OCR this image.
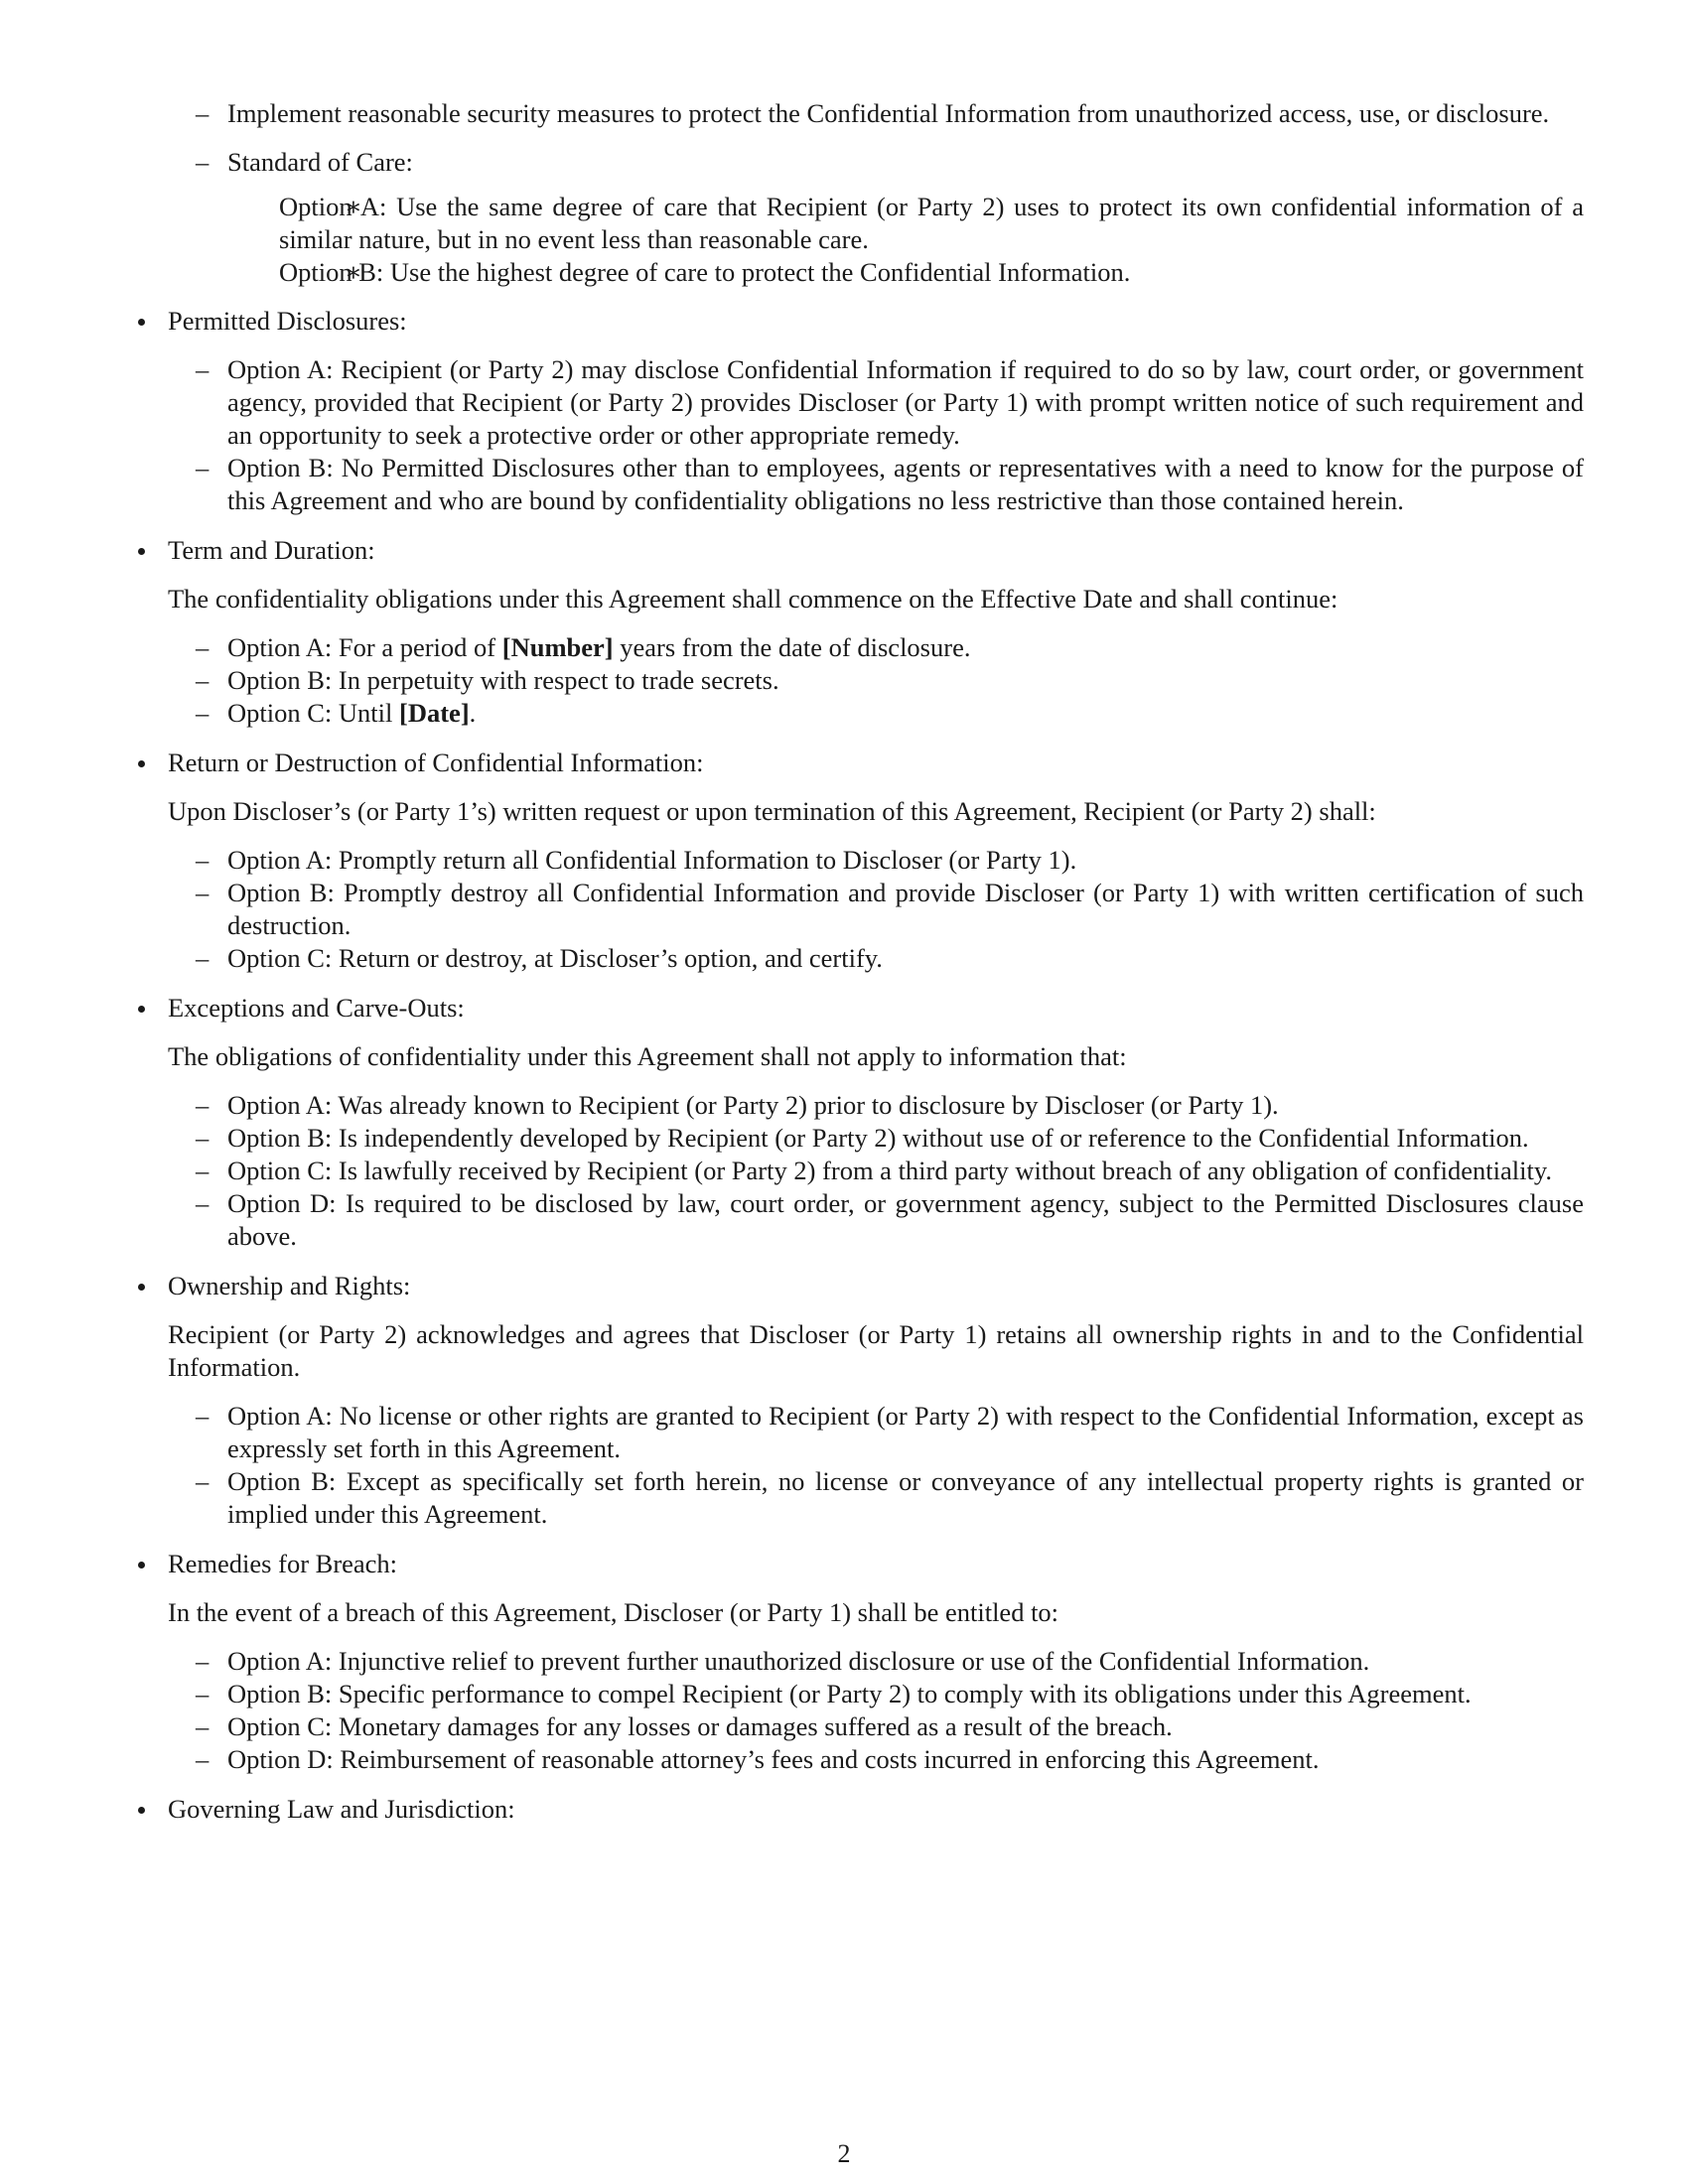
– Implement reasonable security measures to protect the Confidential Information from unauthorized access, use, or disclosure.
– Standard of Care:
∗ Option A: Use the same degree of care that Recipient (or Party 2) uses to protect its own confidential information of a similar nature, but in no event less than reasonable care.
∗ Option B: Use the highest degree of care to protect the Confidential Information.
Permitted Disclosures:
– Option A: Recipient (or Party 2) may disclose Confidential Information if required to do so by law, court order, or government agency, provided that Recipient (or Party 2) provides Discloser (or Party 1) with prompt written notice of such requirement and an opportunity to seek a protective order or other appropriate remedy.
– Option B: No Permitted Disclosures other than to employees, agents or representatives with a need to know for the purpose of this Agreement and who are bound by confidentiality obligations no less restrictive than those contained herein.
Term and Duration:

The confidentiality obligations under this Agreement shall commence on the Effective Date and shall continue:

– Option A: For a period of [Number] years from the date of disclosure.
– Option B: In perpetuity with respect to trade secrets.
– Option C: Until [Date].
Return or Destruction of Confidential Information:

Upon Discloser’s (or Party 1’s) written request or upon termination of this Agreement, Recipient (or Party 2) shall:

– Option A: Promptly return all Confidential Information to Discloser (or Party 1).
– Option B: Promptly destroy all Confidential Information and provide Discloser (or Party 1) with written certification of such destruction.
– Option C: Return or destroy, at Discloser’s option, and certify.
Exceptions and Carve-Outs:

The obligations of confidentiality under this Agreement shall not apply to information that:

– Option A: Was already known to Recipient (or Party 2) prior to disclosure by Discloser (or Party 1).
– Option B: Is independently developed by Recipient (or Party 2) without use of or reference to the Confidential Information.
– Option C: Is lawfully received by Recipient (or Party 2) from a third party without breach of any obligation of confidentiality.
– Option D: Is required to be disclosed by law, court order, or government agency, subject to the Permitted Disclosures clause above.
Ownership and Rights:

Recipient (or Party 2) acknowledges and agrees that Discloser (or Party 1) retains all ownership rights in and to the Confidential Information.

– Option A: No license or other rights are granted to Recipient (or Party 2) with respect to the Confidential Information, except as expressly set forth in this Agreement.
– Option B: Except as specifically set forth herein, no license or conveyance of any intellectual property rights is granted or implied under this Agreement.
Remedies for Breach:

In the event of a breach of this Agreement, Discloser (or Party 1) shall be entitled to:

– Option A: Injunctive relief to prevent further unauthorized disclosure or use of the Confidential Information.
– Option B: Specific performance to compel Recipient (or Party 2) to comply with its obligations under this Agreement.
– Option C: Monetary damages for any losses or damages suffered as a result of the breach.
– Option D: Reimbursement of reasonable attorney’s fees and costs incurred in enforcing this Agreement.
Governing Law and Jurisdiction:
2
